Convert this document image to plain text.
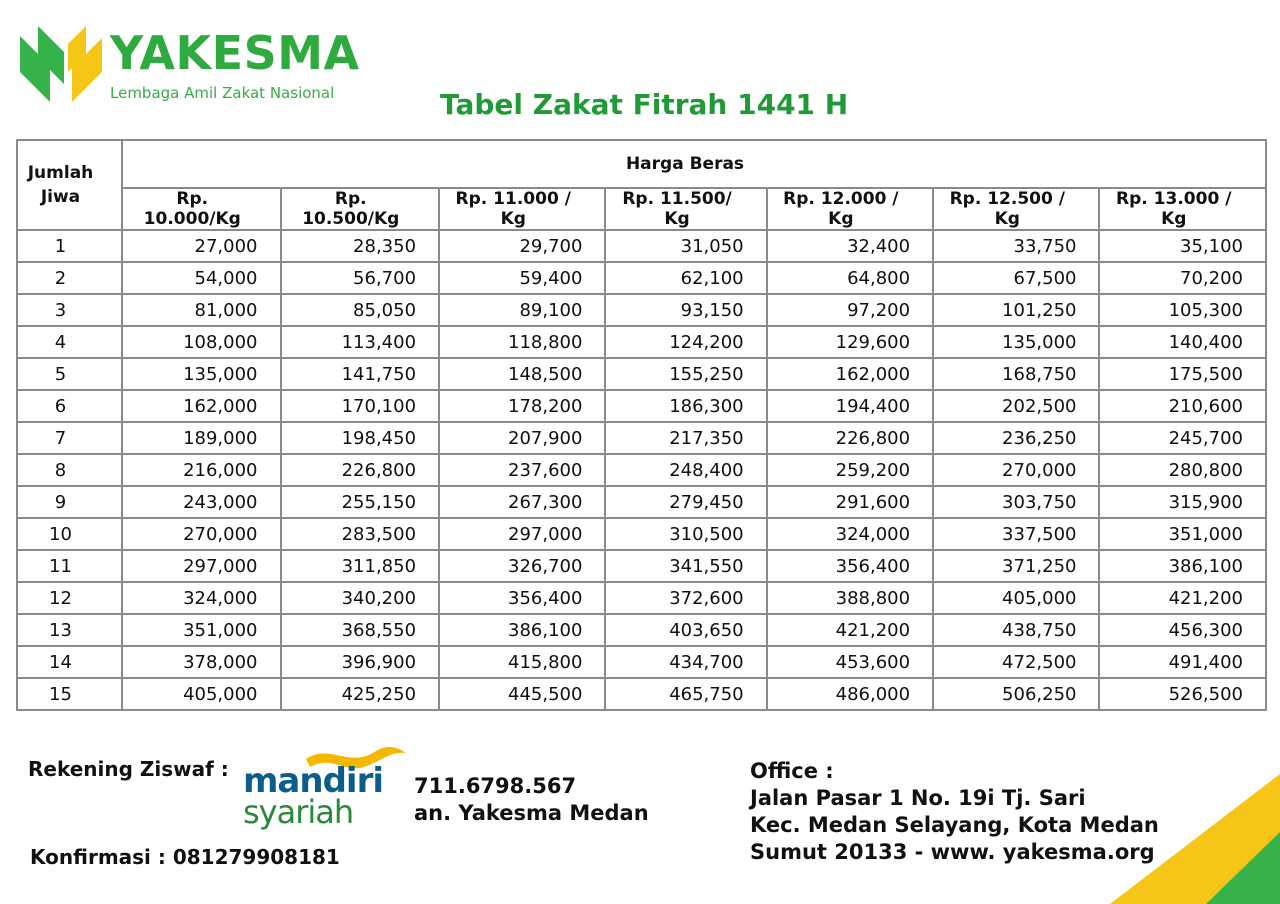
YAKESMA
Lembaga Amil Zakat Nasional	Tabel Zakat Fitrah 1441 H
Jumlah
Jiwa	Harga Beras						
	Rp. 10.000/Kg	Rp. 10.500/Kg	Rp. 11.000 / Kg	Rp. 11.500/ Kg	Rp. 12.000 / Kg	Rp. 12.500 / Kg	Rp. 13.000 / Kg
1	27,000	28,350	29,700	31,050	32,400	33,750	35,100
2	54,000	56,700	59,400	62,100	64,800	67,500	70,200
3	81,000	85,050	89,100	93,150	97,200	101,250	105,300
4	108,000	113,400	118,800	124,200	129,600	135,000	140,400
5	135,000	141,750	148,500	155,250	162,000	168,750	175,500
6	162,000	170,100	178,200	186,300	194,400	202,500	210,600
7	189,000	198,450	207,900	217,350	226,800	236,250	245,700
8	216,000	226,800	237,600	248,400	259,200	270,000	280,800
9	243,000	255,150	267,300	279,450	291,600	303,750	315,900
10	270,000	283,500	297,000	310,500	324,000	337,500	351,000
11	297,000	311,850	326,700	341,550	356,400	371,250	386,100
12	324,000	340,200	356,400	372,600	388,800	405,000	421,200
13	351,000	368,550	386,100	403,650	421,200	438,750	456,300
14	378,000	396,900	415,800	434,700	453,600	472,500	491,400
15	405,000	425,250	445,500	465,750	486,000	506,250	526,500
Rekening Ziswaf : mandiri
syariah
711.6798.567
an. Yakesma Medan
Konfirmasi : 081279908181
Office :
Jalan Pasar 1 No. 19i Tj. Sari
Kec. Medan Selayang, Kota Medan
Sumut 20133 - www. yakesma.org
